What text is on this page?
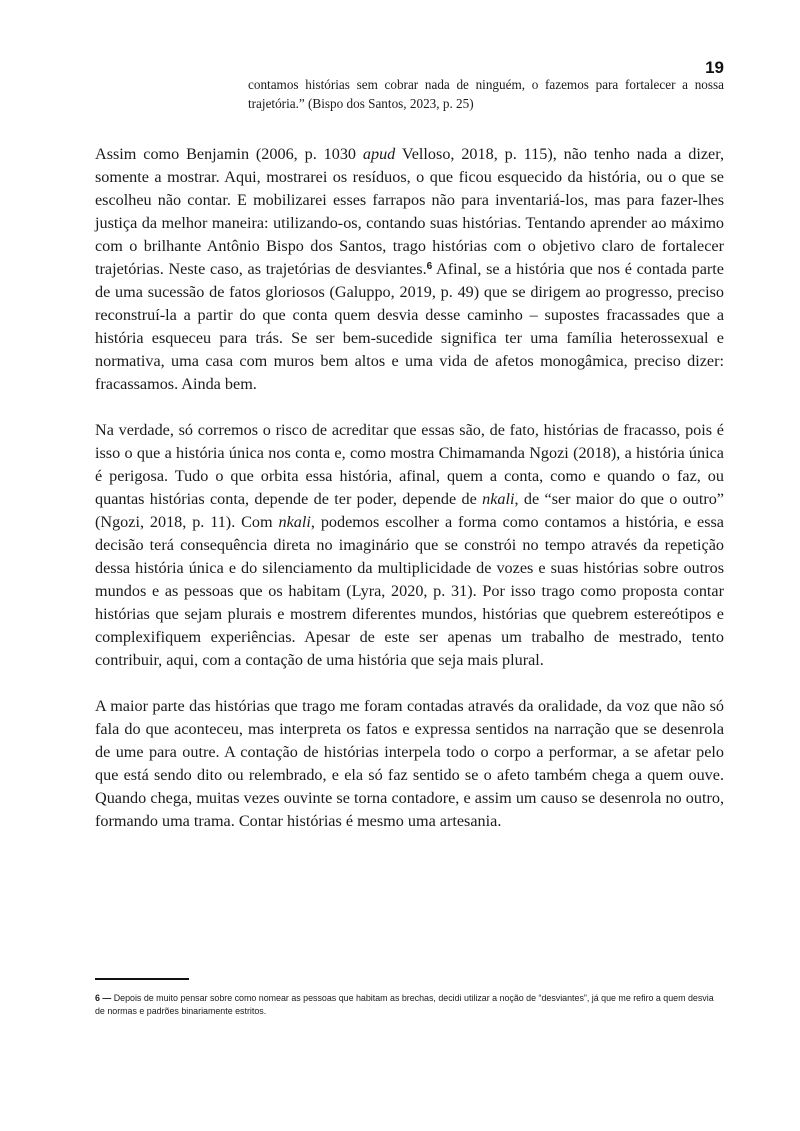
19
contamos histórias sem cobrar nada de ninguém, o fazemos para fortalecer a nossa trajetória.” (Bispo dos Santos, 2023, p. 25)

Assim como Benjamin (2006, p. 1030 apud Velloso, 2018, p. 115), não tenho nada a dizer, somente a mostrar. Aqui, mostrarei os resíduos, o que ficou esquecido da história, ou o que se escolheu não contar. E mobilizarei esses farrapos não para inventariá-los, mas para fazer-lhes justiça da melhor maneira: utilizando-os, contando suas histórias. Tentando aprender ao máximo com o brilhante Antônio Bispo dos Santos, trago histórias com o objetivo claro de fortalecer trajetórias. Neste caso, as trajetórias de desviantes.$^6$ Afinal, se a história que nos é contada parte de uma sucessão de fatos gloriosos (Galuppo, 2019, p. 49) que se dirigem ao progresso, preciso reconstruí-la a partir do que conta quem desvia desse caminho – supostes fracassades que a história esqueceu para trás. Se ser bem-sucedide significa ter uma família heterossexual e normativa, uma casa com muros bem altos e uma vida de afetos monogâmica, preciso dizer: fracassamos. Ainda bem.

Na verdade, só corremos o risco de acreditar que essas são, de fato, histórias de fracasso, pois é isso o que a história única nos conta e, como mostra Chimamanda Ngozi (2018), a história única é perigosa. Tudo o que orbita essa história, afinal, quem a conta, como e quando o faz, ou quantas histórias conta, depende de ter poder, depende de nkali, de “ser maior do que o outro” (Ngozi, 2018, p. 11). Com nkali, podemos escolher a forma como contamos a história, e essa decisão terá consequência direta no imaginário que se constrói no tempo através da repetição dessa história única e do silenciamento da multiplicidade de vozes e suas histórias sobre outros mundos e as pessoas que os habitam (Lyra, 2020, p. 31). Por isso trago como proposta contar histórias que sejam plurais e mostrem diferentes mundos, histórias que quebrem estereótipos e complexifiquem experiências. Apesar de este ser apenas um trabalho de mestrado, tento contribuir, aqui, com a contação de uma história que seja mais plural.

A maior parte das histórias que trago me foram contadas através da oralidade, da voz que não só fala do que aconteceu, mas interpreta os fatos e expressa sentidos na narração que se desenrola de ume para outre. A contação de histórias interpela todo o corpo a performar, a se afetar pelo que está sendo dito ou relembrado, e ela só faz sentido se o afeto também chega a quem ouve. Quando chega, muitas vezes ouvinte se torna contadore, e assim um causo se desenrola no outro, formando uma trama. Contar histórias é mesmo uma artesania.

6 — Depois de muito pensar sobre como nomear as pessoas que habitam as brechas, decidi utilizar a noção de “desviantes”, já que me refiro a quem desvia de normas e padrões binariamente estritos.
